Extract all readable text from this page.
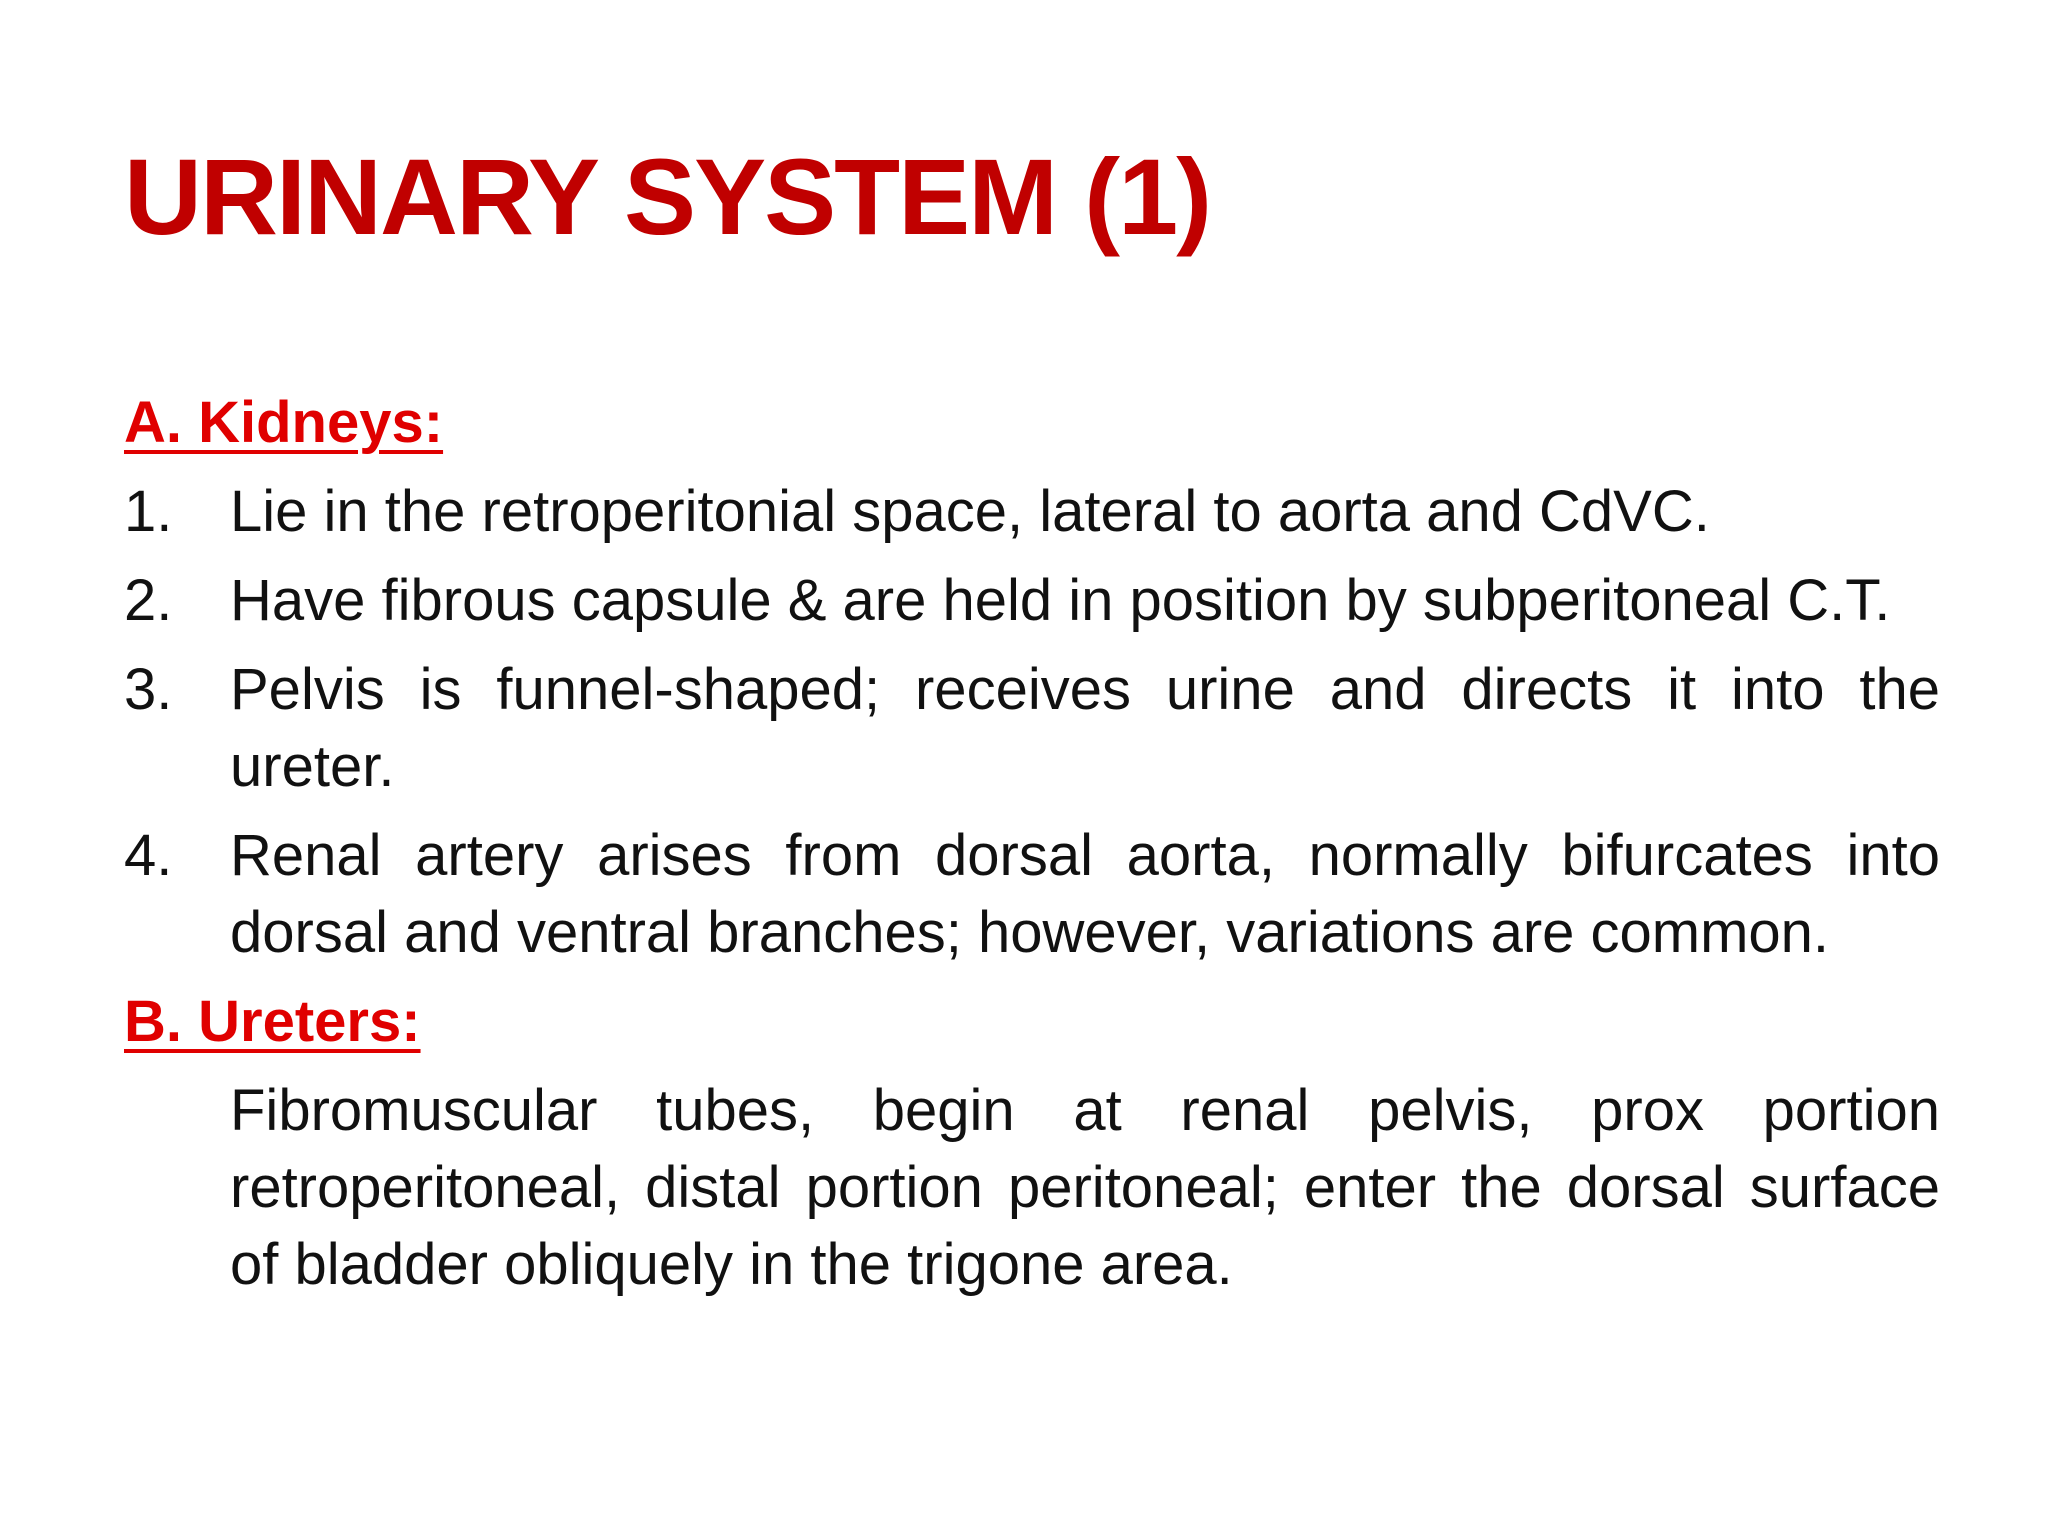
URINARY SYSTEM (1)
A. Kidneys:
1. Lie in the retroperitonial space, lateral to aorta and CdVC.
2. Have fibrous capsule & are held in position by subperitoneal C.T.
3. Pelvis is funnel-shaped; receives urine and directs it into the ureter.
4. Renal artery arises from dorsal aorta, normally bifurcates into dorsal and ventral branches; however, variations are common.
B. Ureters:

Fibromuscular tubes, begin at renal pelvis, prox portion retroperitoneal, distal portion peritoneal; enter the dorsal surface of bladder obliquely in the trigone area.
